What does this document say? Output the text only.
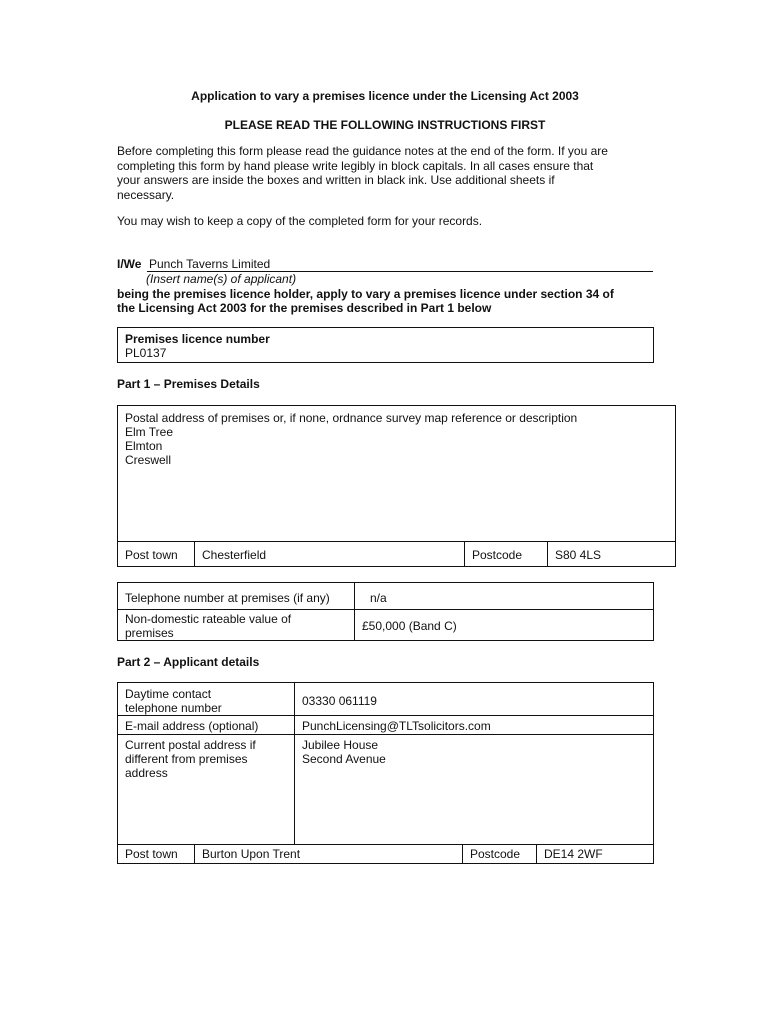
Application to vary a premises licence under the Licensing Act 2003
PLEASE READ THE FOLLOWING INSTRUCTIONS FIRST
Before completing this form please read the guidance notes at the end of the form. If you are
completing this form by hand please write legibly in block capitals. In all cases ensure that
your answers are inside the boxes and written in black ink. Use additional sheets if
necessary.
You may wish to keep a copy of the completed form for your records.
I/We Punch Taverns Limited
(Insert name(s) of applicant)
being the premises licence holder, apply to vary a premises licence under section 34 of
the Licensing Act 2003 for the premises described in Part 1 below
Premises licence number
PL0137
Part 1 – Premises Details
Postal address of premises or, if none, ordnance survey map reference or description
Elm Tree
Elmton
Creswell
Post town Chesterfield	Postcode	S80 4LS
Telephone number at premises (if any)	n/a
Non-domestic rateable value of
premises	£50,000 (Band C)
Part 2 – Applicant details
Daytime contact
telephone number	03330 061119
E-mail address (optional)	PunchLicensing@TLTsolicitors.com
Current postal address if
different from premises
address
Jubilee House
Second Avenue
Post town Burton Upon Trent	Postcode DE14 2WF
